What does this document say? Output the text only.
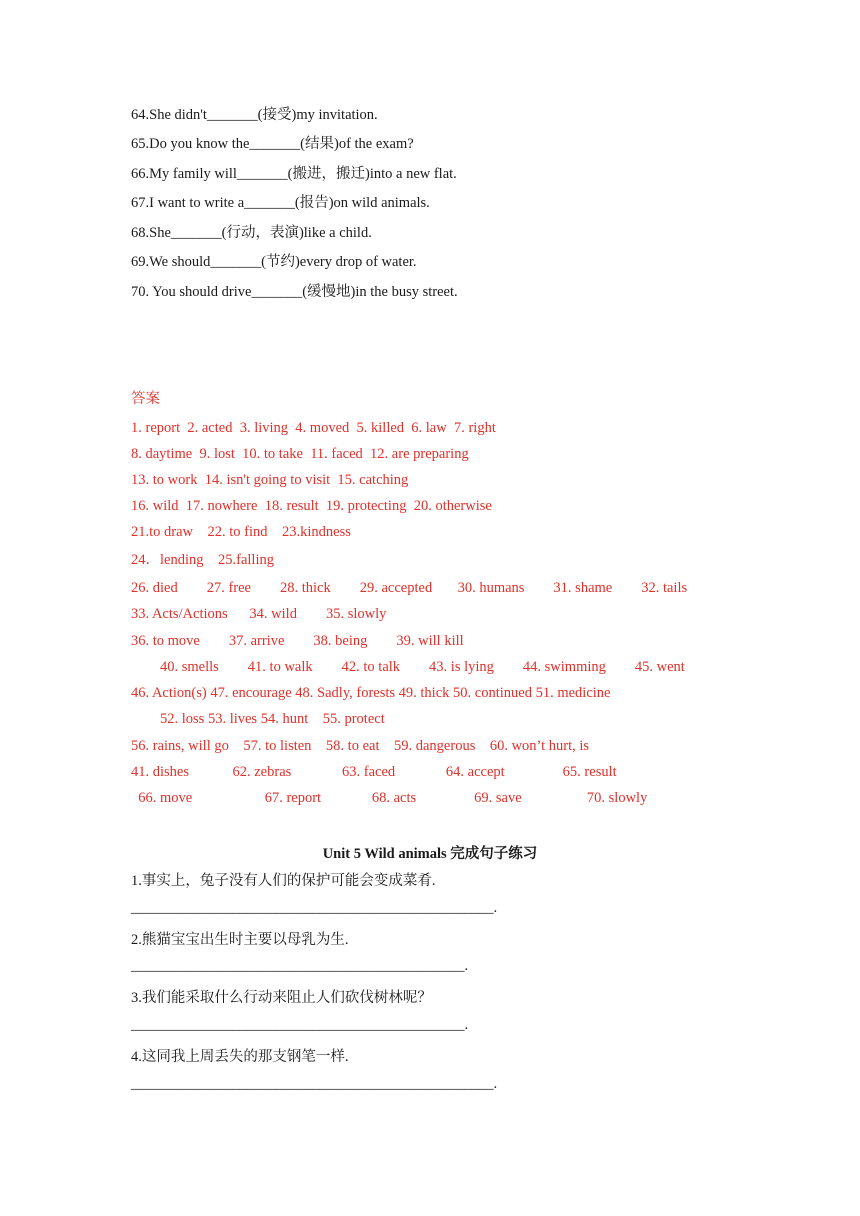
64.She didn't_______(接受)my invitation.
65.Do you know the_______(结果)of the exam?
66.My family will_______(搬进，搬迁)into a new flat.
67.I want to write a_______(报告)on wild animals.
68.She_______(行动，表演)like a child.
69.We should_______(节约)every drop of water.
70. You should drive_______(缓慢地)in the busy street.
答案
1. report  2. acted  3. living  4. moved  5. killed  6. law  7. right
8. daytime  9. lost  10. to take  11. faced  12. are preparing
13. to work  14. isn't going to visit  15. catching
16. wild  17. nowhere  18. result  19. protecting  20. otherwise
21.to draw    22. to find    23.kindness
24．lending    25.falling
26. died        27. free        28. thick        29. accepted       30. humans        31. shame        32. tails
33. Acts/Actions      34. wild        35. slowly
36. to move        37. arrive        38. being        39. will kill
40. smells        41. to walk        42. to talk        43. is lying        44. swimming        45. went
46. Action(s) 47. encourage 48. Sadly, forests 49. thick 50. continued 51. medicine
52. loss 53. lives 54. hunt    55. protect
56. rains, will go    57. to listen    58. to eat    59. dangerous    60. won’t hurt, is
41. dishes            62. zebras              63. faced              64. accept                65. result
66. move                    67. report              68. acts                69. save                  70. slowly
Unit 5 Wild animals 完成句子练习
1.事实上，兔子没有人们的保护可能会变成菜肴.
__________________________________________________.
2.熊猫宝宝出生时主要以母乳为生.
______________________________________________.
3.我们能采取什么行动来阻止人们砍伐树林呢？
______________________________________________.
4.这同我上周丢失的那支钢笔一样.
__________________________________________________.
